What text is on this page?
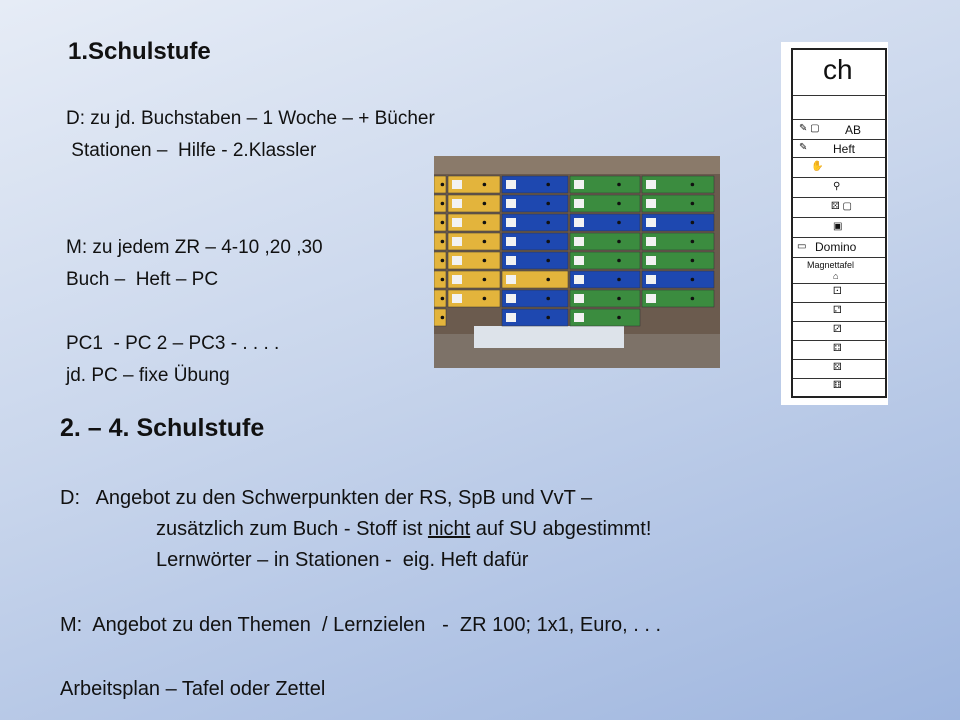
1.Schulstufe
D: zu jd. Buchstaben – 1 Woche – + Bücher
Stationen –  Hilfe - 2.Klassler
M: zu jedem ZR – 4-10 ,20 ,30
Buch –  Heft – PC
PC1  - PC 2 – PC3 - . . . .
jd. PC – fixe Übung
ch
✎ ▢ AB
✎ Heft
✋
⚲
⚄ ▢
▣
▭ Domino
Magnettafel
⌂
⚀
⚁
⚂
⚃
⚄
⚅
2. – 4. Schulstufe
D:   Angebot zu den Schwerpunkten der RS, SpB und VvT –
zusätzlich zum Buch - Stoff ist nicht auf SU abgestimmt!
Lernwörter – in Stationen -  eig. Heft dafür
M:  Angebot zu den Themen  / Lernzielen   -  ZR 100; 1x1, Euro, . . .
Arbeitsplan – Tafel oder Zettel
